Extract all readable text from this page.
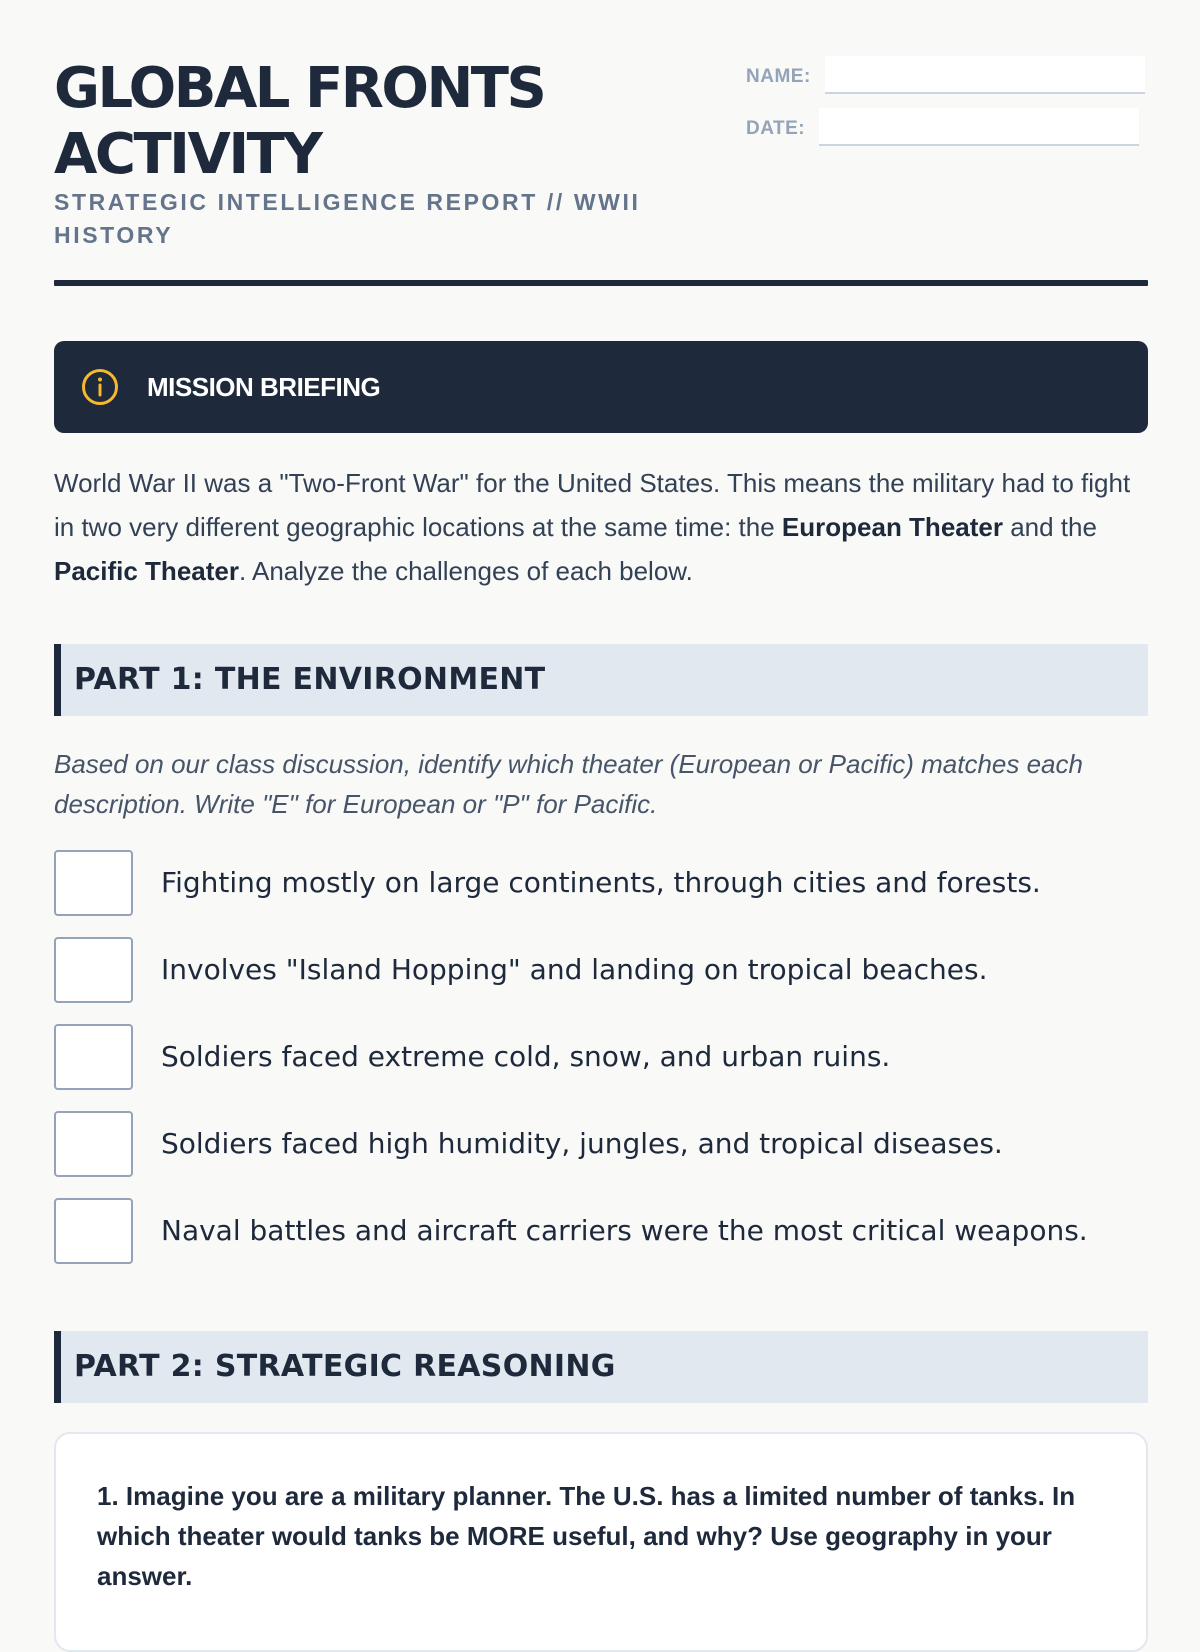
GLOBAL FRONTS ACTIVITY
STRATEGIC INTELLIGENCE REPORT // WWII HISTORY
NAME:
DATE:
MISSION BRIEFING

World War II was a "Two-Front War" for the United States. This means the military had to fight in two very different geographic locations at the same time: the European Theater and the Pacific Theater. Analyze the challenges of each below.

PART 1: THE ENVIRONMENT

Based on our class discussion, identify which theater (European or Pacific) matches each description. Write "E" for European or "P" for Pacific.

Fighting mostly on large continents, through cities and forests.
Involves "Island Hopping" and landing on tropical beaches.
Soldiers faced extreme cold, snow, and urban ruins.
Soldiers faced high humidity, jungles, and tropical diseases.
Naval battles and aircraft carriers were the most critical weapons.
PART 2: STRATEGIC REASONING

1. Imagine you are a military planner. The U.S. has a limited number of tanks. In which theater would tanks be MORE useful, and why? Use geography in your answer.
